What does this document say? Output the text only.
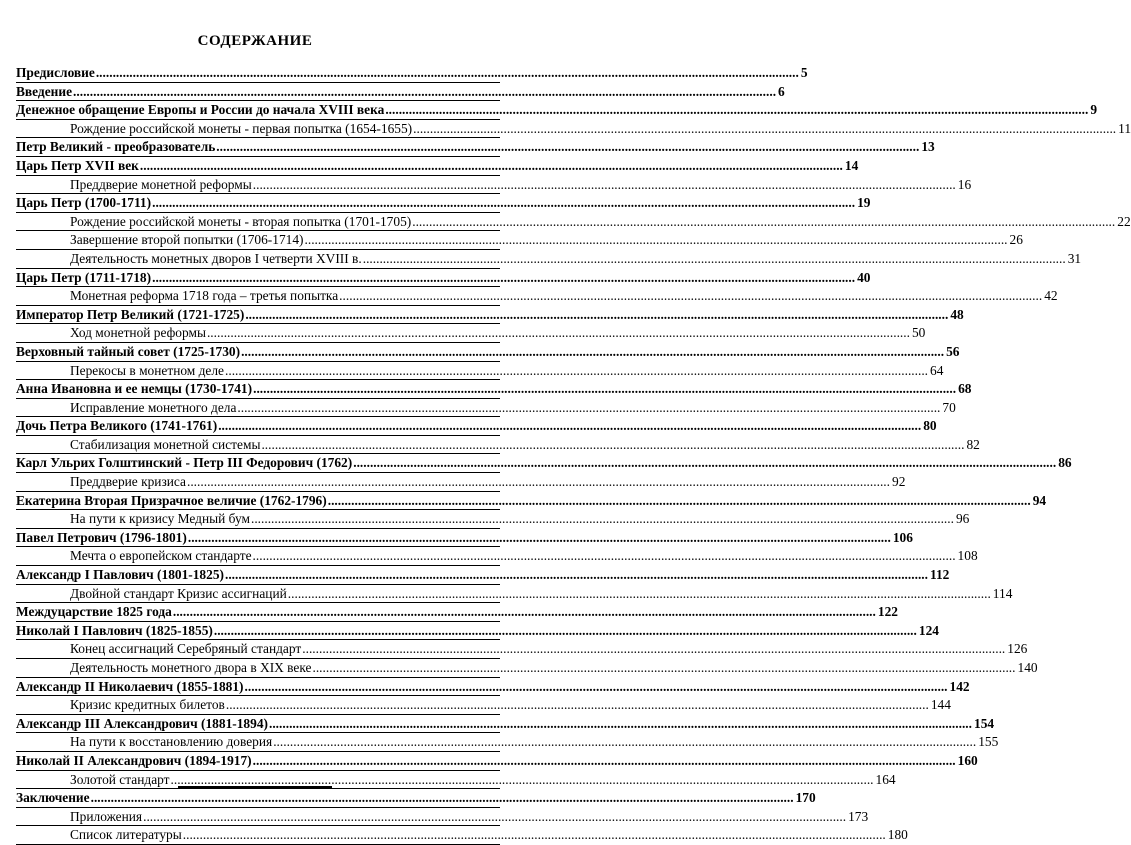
СОДЕРЖАНИЕ
Предисловие .....	5
Введение .....	6
Денежное обращение Европы и России до начала XVIII века .....	9
Рождение российской монеты - первая попытка (1654-1655) .....	11
Петр Великий - преобразователь .....	13
Царь Петр XVII век .....	14
Преддверие монетной реформы .....	16
Царь Петр (1700-1711) .....	19
Рождение российской монеты - вторая попытка (1701-1705) .....	22
Завершение второй попытки (1706-1714) .....	26
Деятельность монетных дворов I четверти XVIII в. .....	31
Царь Петр (1711-1718) .....	40
Монетная реформа 1718 года – третья попытка .....	42
Император Петр Великий (1721-1725) .....	48
Ход монетной реформы .....	50
Верховный тайный совет (1725-1730) .....	56
Перекосы в монетном деле .....	64
Анна Ивановна и ее немцы (1730-1741) .....	68
Исправление монетного дела .....	70
Дочь Петра Великого (1741-1761) .....	80
Стабилизация монетной системы .....	82
Карл Ульрих Голштинский - Петр III Федорович (1762) .....	86
Преддверие кризиса .....	92
Екатерина Вторая Призрачное величие (1762-1796) .....	94
На пути к кризису Медный бум .....	96
Павел Петрович (1796-1801) .....	106
Мечта о европейском стандарте .....	108
Александр I Павлович (1801-1825) .....	112
Двойной стандарт Кризис ассигнаций .....	114
Междуцарствие 1825 года .....	122
Николай I Павлович (1825-1855) .....	124
Конец ассигнаций Серебряный стандарт .....	126
Деятельность монетного двора в XIX веке .....	140
Александр II Николаевич (1855-1881) .....	142
Кризис кредитных билетов .....	144
Александр III Александрович (1881-1894) .....	154
На пути к восстановлению доверия .....	155
Николай II Александрович (1894-1917) .....	160
Золотой стандарт .....	164
Заключение .....	170
Приложения .....	173
Список литературы .....	180
